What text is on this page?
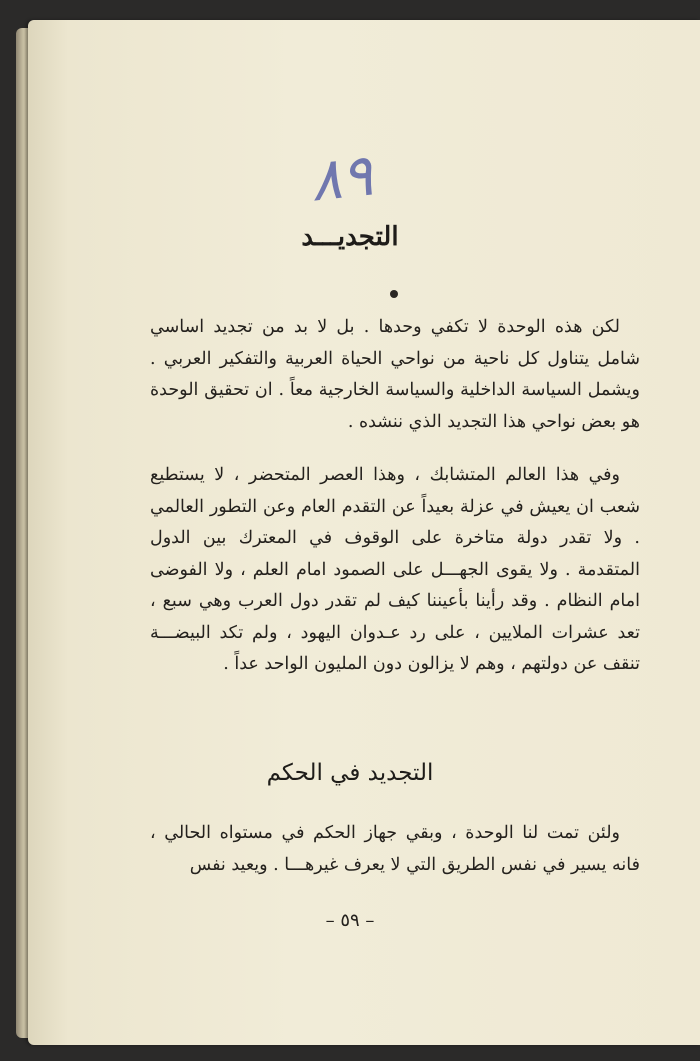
٨٩
التجديـــد

لكن هذه الوحدة لا تكفي وحدها . بل لا بد من تجديد اساسي شامل يتناول كل ناحية من نواحي الحياة العربية والتفكير العربي . ويشمل السياسة الداخلية والسياسة الخارجية معاً . ان تحقيق الوحدة هو بعض نواحي هذا التجديد الذي ننشده .

وفي هذا العالم المتشابك ، وهذا العصر المتحضر ، لا يستطيع شعب ان يعيش في عزلة بعيداً عن التقدم العام وعن التطور العالمي . ولا تقدر دولة متاخرة على الوقوف في المعترك بين الدول المتقدمة . ولا يقوى الجهـــل على الصمود امام العلم ، ولا الفوضى امام النظام . وقد رأينا بأعيننا كيف لم تقدر دول العرب وهي سبع ، تعد عشرات الملايين ، على رد عـدوان اليهود ، ولم تكد البيضـــة تنقف عن دولتهم ، وهم لا يزالون دون المليون الواحد عداً .

التجديد في الحكم

ولئن تمت لنا الوحدة ، وبقي جهاز الحكم في مستواه الحالي ، فانه يسير في نفس الطريق التي لا يعرف غيرهـــا . ويعيد نفس

– ٥٩ –
